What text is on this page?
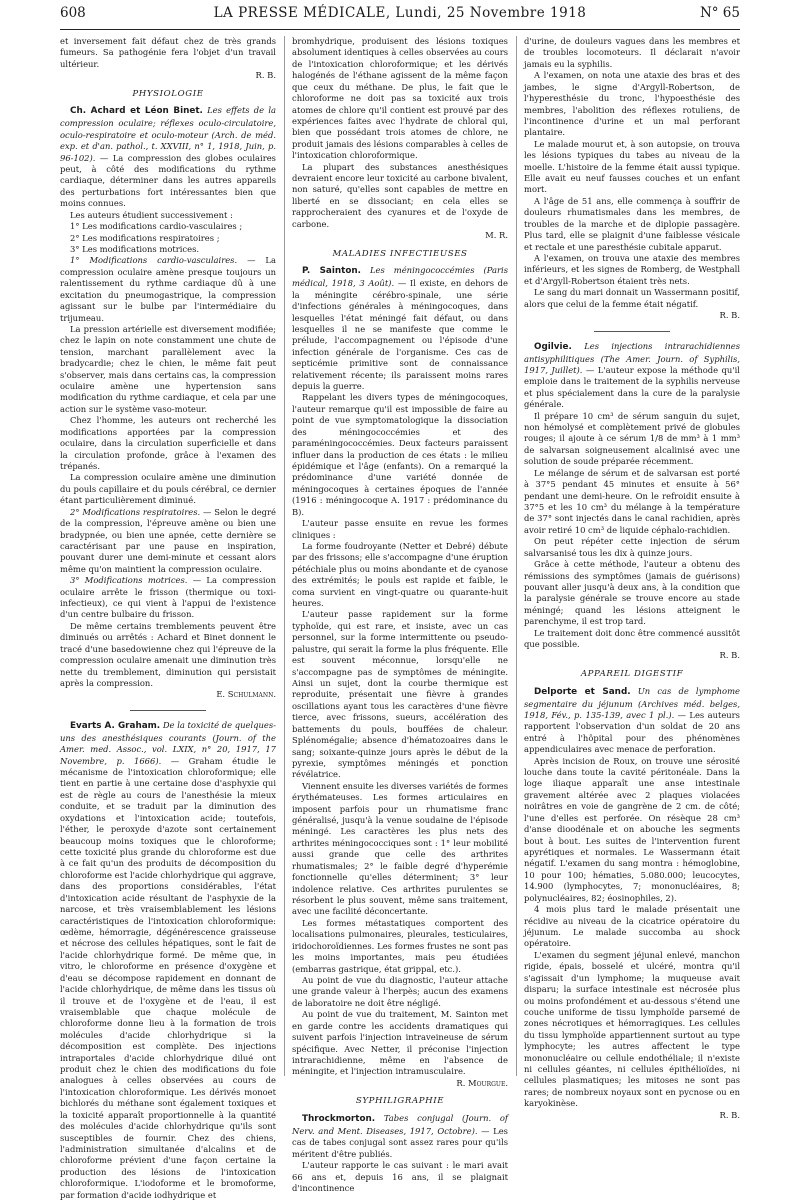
608	LA PRESSE MÉDICALE, Lundi, 25 Novembre 1918	N° 65

et inversement fait défaut chez de très grands fumeurs. Sa pathogénie fera l'objet d'un travail ultérieur.

R. B.

PHYSIOLOGIE

Ch. Achard et Léon Binet. Les effets de la compression oculaire; réflexes oculo-circulatoire, oculo-respiratoire et oculo-moteur (Arch. de méd. exp. et d'an. pathol., t. XXVIII, n° 1, 1918, Juin, p. 96-102). — La compression des globes oculaires peut, à côté des modifications du rythme cardiaque, déterminer dans les autres appareils des perturbations fort intéressantes bien que moins connues.

Les auteurs étudient successivement :

1° Les modifications cardio-vasculaires ;

2° Les modifications respiratoires ;

3° Les modifications motrices.

1° Modifications cardio-vasculaires. — La compression oculaire amène presque toujours un ralentissement du rythme cardiaque dû à une excitation du pneumogastrique, la compression agissant sur le bulbe par l'intermédiaire du trijumeau.

La pression artérielle est diversement modifiée; chez le lapin on note constamment une chute de tension, marchant parallèlement avec la bradycardie; chez le chien, le même fait peut s'observer, mais dans certains cas, la compression oculaire amène une hypertension sans modification du rythme cardiaque, et cela par une action sur le système vaso-moteur.

Chez l'homme, les auteurs ont recherché les modifications apportées par la compression oculaire, dans la circulation superficielle et dans la circulation profonde, grâce à l'examen des trépanés.

La compression oculaire amène une diminution du pouls capillaire et du pouls cérébral, ce dernier étant particulièrement diminué.

2° Modifications respiratoires. — Selon le degré de la compression, l'épreuve amène ou bien une bradypnée, ou bien une apnée, cette dernière se caractérisant par une pause en inspiration, pouvant durer une demi-minute et cessant alors même qu'on maintient la compression oculaire.

3° Modifications motrices. — La compression oculaire arrête le frisson (thermique ou toxi-infectieux), ce qui vient à l'appui de l'existence d'un centre bulbaire du frisson.

De même certains tremblements peuvent être diminués ou arrêtés : Achard et Binet donnent le tracé d'une basedowienne chez qui l'épreuve de la compression oculaire amenait une diminution très nette du tremblement, diminution qui persistait après la compression.

E. Schulmann.

Evarts A. Graham. De la toxicité de quelques-uns des anesthésiques courants (Journ. of the Amer. med. Assoc., vol. LXIX, n° 20, 1917, 17 Novembre, p. 1666). — Graham étudie le mécanisme de l'intoxication chloroformique; elle tient en partie à une certaine dose d'asphyxie qui est de règle au cours de l'anesthésie la mieux conduite, et se traduit par la diminution des oxydations et l'intoxication acide; toutefois, l'éther, le peroxyde d'azote sont certainement beaucoup moins toxiques que le chloroforme; cette toxicité plus grande du chloroforme est due à ce fait qu'un des produits de décomposition du chloroforme est l'acide chlorhydrique qui aggrave, dans des proportions considérables, l'état d'intoxication acide résultant de l'asphyxie de la narcose, et très vraisemblablement les lésions caractéristiques de l'intoxication chloroformique: œdème, hémorragie, dégénérescence graisseuse et nécrose des cellules hépatiques, sont le fait de l'acide chlorhydrique formé. De même que, in vitro, le chloroforme en présence d'oxygène et d'eau se décompose rapidement en donnant de l'acide chlorhydrique, de même dans les tissus où il trouve et de l'oxygène et de l'eau, il est vraisemblable que chaque molécule de chloroforme donne lieu à la formation de trois molécules d'acide chlorhydrique si la décomposition est complète. Des injections intraportales d'acide chlorhydrique dilué ont produit chez le chien des modifications du foie analogues à celles observées au cours de l'intoxication chloroformique. Les dérivés monoet bichlorés du méthane sont également toxiques et la toxicité apparaît proportionnelle à la quantité des molécules d'acide chlorhydrique qu'ils sont susceptibles de fournir. Chez des chiens, l'administration simultanée d'alcalins et de chloroforme prévient d'une façon certaine la production des lésions de l'intoxication chloroformique. L'iodoforme et le bromoforme, par formation d'acide iodhydrique et

bromhydrique, produisent des lésions toxiques absolument identiques à celles observées au cours de l'intoxication chloroformique; et les dérivés halogénés de l'éthane agissent de la même façon que ceux du méthane. De plus, le fait que le chloroforme ne doit pas sa toxicité aux trois atomes de chlore qu'il contient est prouvé par des expériences faites avec l'hydrate de chloral qui, bien que possédant trois atomes de chlore, ne produit jamais des lésions comparables à celles de l'intoxication chloroformique.

La plupart des substances anesthésiques devraient encore leur toxicité au carbone bivalent, non saturé, qu'elles sont capables de mettre en liberté en se dissociant; en cela elles se rapprocheraient des cyanures et de l'oxyde de carbone.

M. R.

MALADIES INFECTIEUSES

P. Sainton. Les méningococcémies (Paris médical, 1918, 3 Août). — Il existe, en dehors de la méningite cérébro-spinale, une série d'infections générales à méningocoques, dans lesquelles l'état méningé fait défaut, ou dans lesquelles il ne se manifeste que comme le prélude, l'accompagnement ou l'épisode d'une infection générale de l'organisme. Ces cas de septicémie primitive sont de connaissance relativement récente; ils paraissent moins rares depuis la guerre.

Rappelant les divers types de méningocoques, l'auteur remarque qu'il est impossible de faire au point de vue symptomatologique la dissociation des méningococcémies et des paraméningococcémies. Deux facteurs paraissent influer dans la production de ces états : le milieu épidémique et l'âge (enfants). On a remarqué la prédominance d'une variété donnée de méningocoques à certaines époques de l'année (1916 : méningocoque A. 1917 : prédominance du B).

L'auteur passe ensuite en revue les formes cliniques :

La forme foudroyante (Netter et Debré) débute par des frissons; elle s'accompagne d'une éruption pétéchiale plus ou moins abondante et de cyanose des extrémités; le pouls est rapide et faible, le coma survient en vingt-quatre ou quarante-huit heures.

L'auteur passe rapidement sur la forme typhoïde, qui est rare, et insiste, avec un cas personnel, sur la forme intermittente ou pseudo-palustre, qui serait la forme la plus fréquente. Elle est souvent méconnue, lorsqu'elle ne s'accompagne pas de symptômes de méningite. Ainsi un sujet, dont la courbe thermique est reproduite, présentait une fièvre à grandes oscillations ayant tous les caractères d'une fièvre tierce, avec frissons, sueurs, accélération des battements du pouls, bouffées de chaleur. Splénomégalie; absence d'hématozoaires dans le sang; soixante-quinze jours après le début de la pyrexie, symptômes méningés et ponction révélatrice.

Viennent ensuite les diverses variétés de formes érythémateuses. Les formes articulaires en imposent parfois pour un rhumatisme franc généralisé, jusqu'à la venue soudaine de l'épisode méningé. Les caractères les plus nets des arthrites méningococciques sont : 1° leur mobilité aussi grande que celle des arthrites rhumatismales; 2° le faible degré d'hyperémie fonctionnelle qu'elles déterminent; 3° leur indolence relative. Ces arthrites purulentes se résorbent le plus souvent, même sans traitement, avec une facilité déconcertante.

Les formes métastatiques comportent des localisations pulmonaires, pleurales, testiculaires, iridochoroïdiennes. Les formes frustes ne sont pas les moins importantes, mais peu étudiées (embarras gastrique, état grippal, etc.).

Au point de vue du diagnostic, l'auteur attache une grande valeur à l'herpès; aucun des examens de laboratoire ne doit être négligé.

Au point de vue du traitement, M. Sainton met en garde contre les accidents dramatiques qui suivent parfois l'injection intraveineuse de sérum spécifique. Avec Netter, il préconise l'injection intrarachidienne, même en l'absence de méningite, et l'injection intramusculaire.

R. Mourgue.

SYPHILIGRAPHIE

Throckmorton. Tabes conjugal (Journ. of Nerv. and Ment. Diseases, 1917, Octobre). — Les cas de tabes conjugal sont assez rares pour qu'ils méritent d'être publiés.

L'auteur rapporte le cas suivant : le mari avait 66 ans et, depuis 16 ans, il se plaignait d'incontinence

d'urine, de douleurs vagues dans les membres et de troubles locomoteurs. Il déclarait n'avoir jamais eu la syphilis.

A l'examen, on nota une ataxie des bras et des jambes, le signe d'Argyll-Robertson, de l'hyperesthésie du tronc, l'hypoesthésie des membres, l'abolition des réflexes rotuliens, de l'incontinence d'urine et un mal perforant plantaire.

Le malade mourut et, à son autopsie, on trouva les lésions typiques du tabes au niveau de la moelle. L'histoire de la femme était aussi typique. Elle avait eu neuf fausses couches et un enfant mort.

A l'âge de 51 ans, elle commença à souffrir de douleurs rhumatismales dans les membres, de troubles de la marche et de diplopie passagère. Plus tard, elle se plaignit d'une faiblesse vésicale et rectale et une paresthésie cubitale apparut.

A l'examen, on trouva une ataxie des membres inférieurs, et les signes de Romberg, de Westphall et d'Argyll-Robertson étaient très nets.

Le sang du mari donnait un Wassermann positif, alors que celui de la femme était négatif.

R. B.

Ogilvie. Les injections intrarachidiennes antisyphilitiques (The Amer. Journ. of Syphilis, 1917, Juillet). — L'auteur expose la méthode qu'il emploie dans le traitement de la syphilis nerveuse et plus spécialement dans la cure de la paralysie générale.

Il prépare 10 cm³ de sérum sanguin du sujet, non hémolysé et complètement privé de globules rouges; il ajoute à ce sérum 1/8 de mm³ à 1 mm³ de salvarsan soigneusement alcalinisé avec une solution de soude préparée récemment.

Le mélange de sérum et de salvarsan est porté à 37°5 pendant 45 minutes et ensuite à 56° pendant une demi-heure. On le refroidit ensuite à 37°5 et les 10 cm³ du mélange à la température de 37° sont injectés dans le canal rachidien, après avoir retiré 10 cm³ de liquide céphalo-rachidien.

On peut répéter cette injection de sérum salvarsanisé tous les dix à quinze jours.

Grâce à cette méthode, l'auteur a obtenu des rémissions des symptômes (jamais de guérisons) pouvant aller jusqu'à deux ans, à la condition que la paralysie générale se trouve encore au stade méningé; quand les lésions atteignent le parenchyme, il est trop tard.

Le traitement doit donc être commencé aussitôt que possible.

R. B.

APPAREIL DIGESTIF

Delporte et Sand. Un cas de lymphome segmentaire du jéjunum (Archives méd. belges, 1918, Fév., p. 135-139, avec 1 pl.). — Les auteurs rapportent l'observation d'un soldat de 20 ans entré à l'hôpital pour des phénomènes appendiculaires avec menace de perforation.

Après incision de Roux, on trouve une sérosité louche dans toute la cavité péritonéale. Dans la loge iliaque apparaît une anse intestinale gravement altérée avec 2 plaques violacées noirâtres en voie de gangrène de 2 cm. de côté; l'une d'elles est perforée. On résèque 28 cm³ d'anse dioodénale et on abouche les segments bout à bout. Les suites de l'intervention furent apyrétiques et normales. Le Wassermann était négatif. L'examen du sang montra : hémoglobine, 10 pour 100; hématies, 5.080.000; leucocytes, 14.900 (lymphocytes, 7; mononucléaires, 8; polynucléaires, 82; éosinophiles, 2).

4 mois plus tard le malade présentait une récidive au niveau de la cicatrice opératoire du jéjunum. Le malade succomba au shock opératoire.

L'examen du segment jéjunal enlevé, manchon rigide, épais, bosselé et ulcéré, montra qu'il s'agissait d'un lymphome; la muqueuse avait disparu; la surface intestinale est nécrosée plus ou moins profondément et au-dessous s'étend une couche uniforme de tissu lymphoïde parsemé de zones nécrotiques et hémorragiques. Les cellules du tissu lymphoïde appartiennent surtout au type lymphocyte; les autres affectent le type mononucléaire ou cellule endothéliale; il n'existe ni cellules géantes, ni cellules épithélioïdes, ni cellules plasmatiques; les mitoses ne sont pas rares; de nombreux noyaux sont en pycnose ou en karyokinèse.

R. B.
